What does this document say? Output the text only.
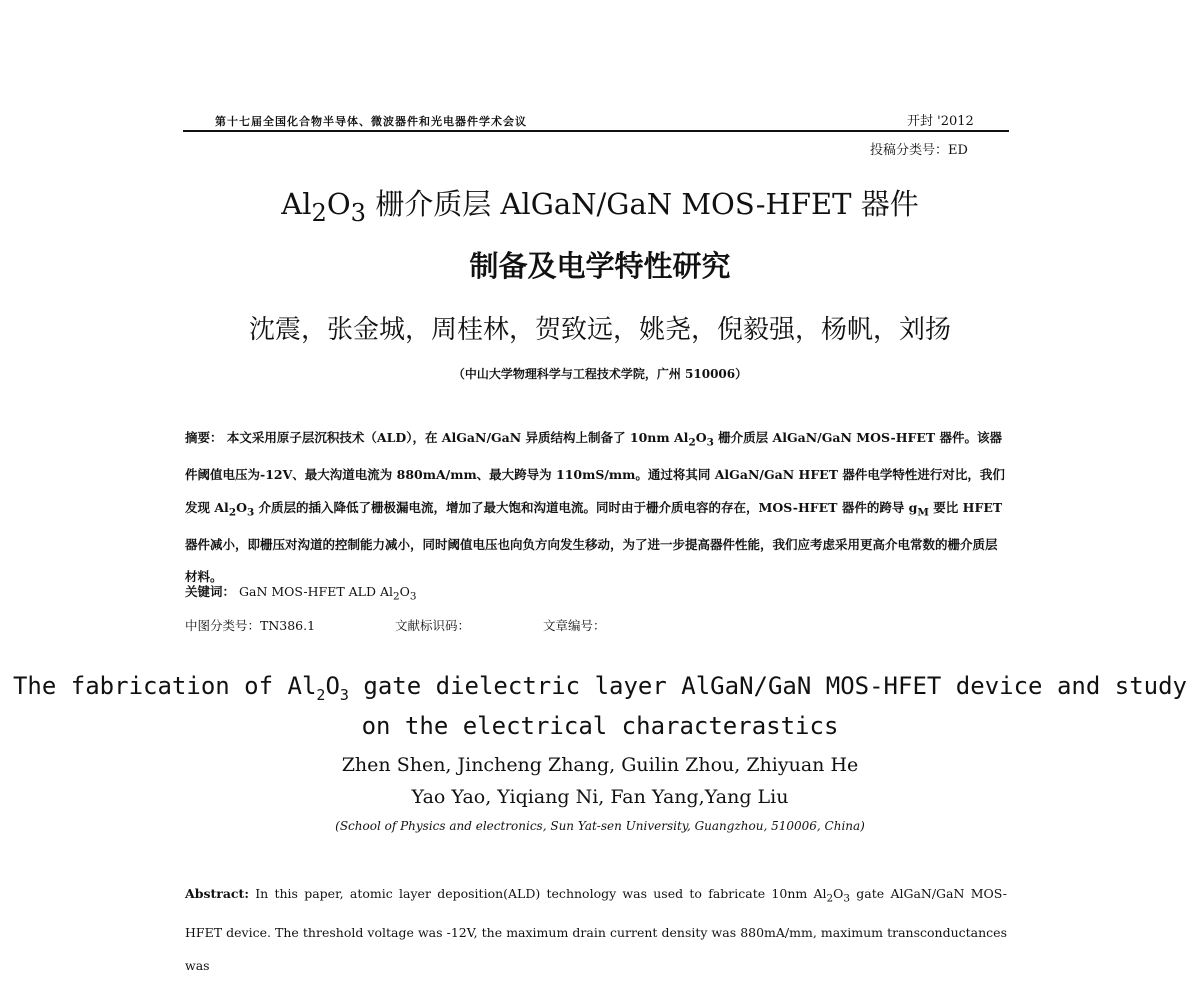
第十七届全国化合物半导体、微波器件和光电器件学术会议	开封 '2012
投稿分类号：ED
$Al_2O_3$ 栅介质层 AlGaN/GaN MOS-HFET 器件
制备及电学特性研究
沈震，张金城，周桂林，贺致远，姚尧，倪毅强，杨帆，刘扬
（中山大学物理科学与工程技术学院，广州 510006）
摘要： 本文采用原子层沉积技术（ALD），在 AlGaN/GaN 异质结构上制备了 10nm $Al_2O_3$ 栅介质层 AlGaN/GaN MOS-HFET 器件。该器件阈值电压为-12V、最大沟道电流为 880mA/mm、最大跨导为 110mS/mm。通过将其同 AlGaN/GaN HFET 器件电学特性进行对比，我们发现 $Al_2O_3$ 介质层的插入降低了栅极漏电流，增加了最大饱和沟道电流。同时由于栅介质电容的存在，MOS-HFET 器件的跨导 $g_M$ 要比 HFET 器件减小，即栅压对沟道的控制能力减小，同时阈值电压也向负方向发生移动，为了进一步提高器件性能，我们应考虑采用更高介电常数的栅介质层材料。
关键词： GaN MOS-HFET ALD $Al_2O_3$
中图分类号：TN386.1	文献标识码：	文章编号：
The fabrication of $Al_2O_3$ gate dielectric layer AlGaN/GaN MOS-HFET device and study on the electrical characterastics
Zhen Shen, Jincheng Zhang, Guilin Zhou, Zhiyuan He
Yao Yao, Yiqiang Ni, Fan Yang,Yang Liu
(School of Physics and electronics, Sun Yat-sen University, Guangzhou, 510006, China)
Abstract: In this paper, atomic layer deposition(ALD) technology was used to fabricate 10nm $Al_2O_3$ gate AlGaN/GaN MOS-HFET device. The threshold voltage was -12V, the maximum drain current density was 880mA/mm, maximum transconductances was
